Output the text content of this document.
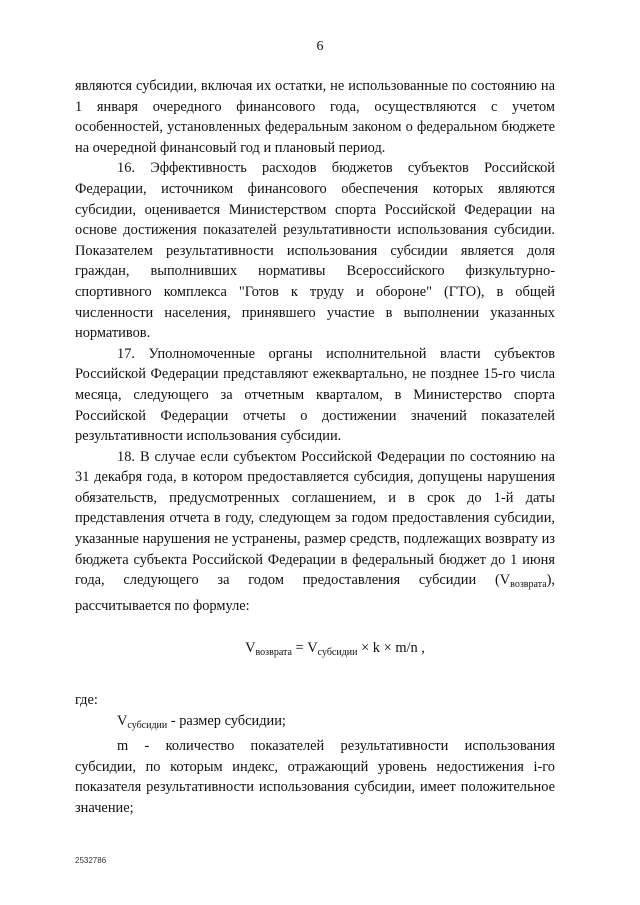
6

являются субсидии, включая их остатки, не использованные по состоянию на 1 января очередного финансового года, осуществляются с учетом особенностей, установленных федеральным законом о федеральном бюджете на очередной финансовый год и плановый период.

16. Эффективность расходов бюджетов субъектов Российской Федерации, источником финансового обеспечения которых являются субсидии, оценивается Министерством спорта Российской Федерации на основе достижения показателей результативности использования субсидии. Показателем результативности использования субсидии является доля граждан, выполнивших нормативы Всероссийского физкультурно-спортивного комплекса "Готов к труду и обороне" (ГТО), в общей численности населения, принявшего участие в выполнении указанных нормативов.

17. Уполномоченные органы исполнительной власти субъектов Российской Федерации представляют ежеквартально, не позднее 15-го числа месяца, следующего за отчетным кварталом, в Министерство спорта Российской Федерации отчеты о достижении значений показателей результативности использования субсидии.

18. В случае если субъектом Российской Федерации по состоянию на 31 декабря года, в котором предоставляется субсидия, допущены нарушения обязательств, предусмотренных соглашением, и в срок до 1-й даты представления отчета в году, следующем за годом предоставления субсидии, указанные нарушения не устранены, размер средств, подлежащих возврату из бюджета субъекта Российской Федерации в федеральный бюджет до 1 июня года, следующего за годом предоставления субсидии $(V_{возврата})$, рассчитывается по формуле:

$V_{возврата} = V_{субсидии} \times k \times m/n$ ,

где:

$V_{субсидии}$ - размер субсидии;

m - количество показателей результативности использования субсидии, по которым индекс, отражающий уровень недостижения i-го показателя результативности использования субсидии, имеет положительное значение;

2532786
